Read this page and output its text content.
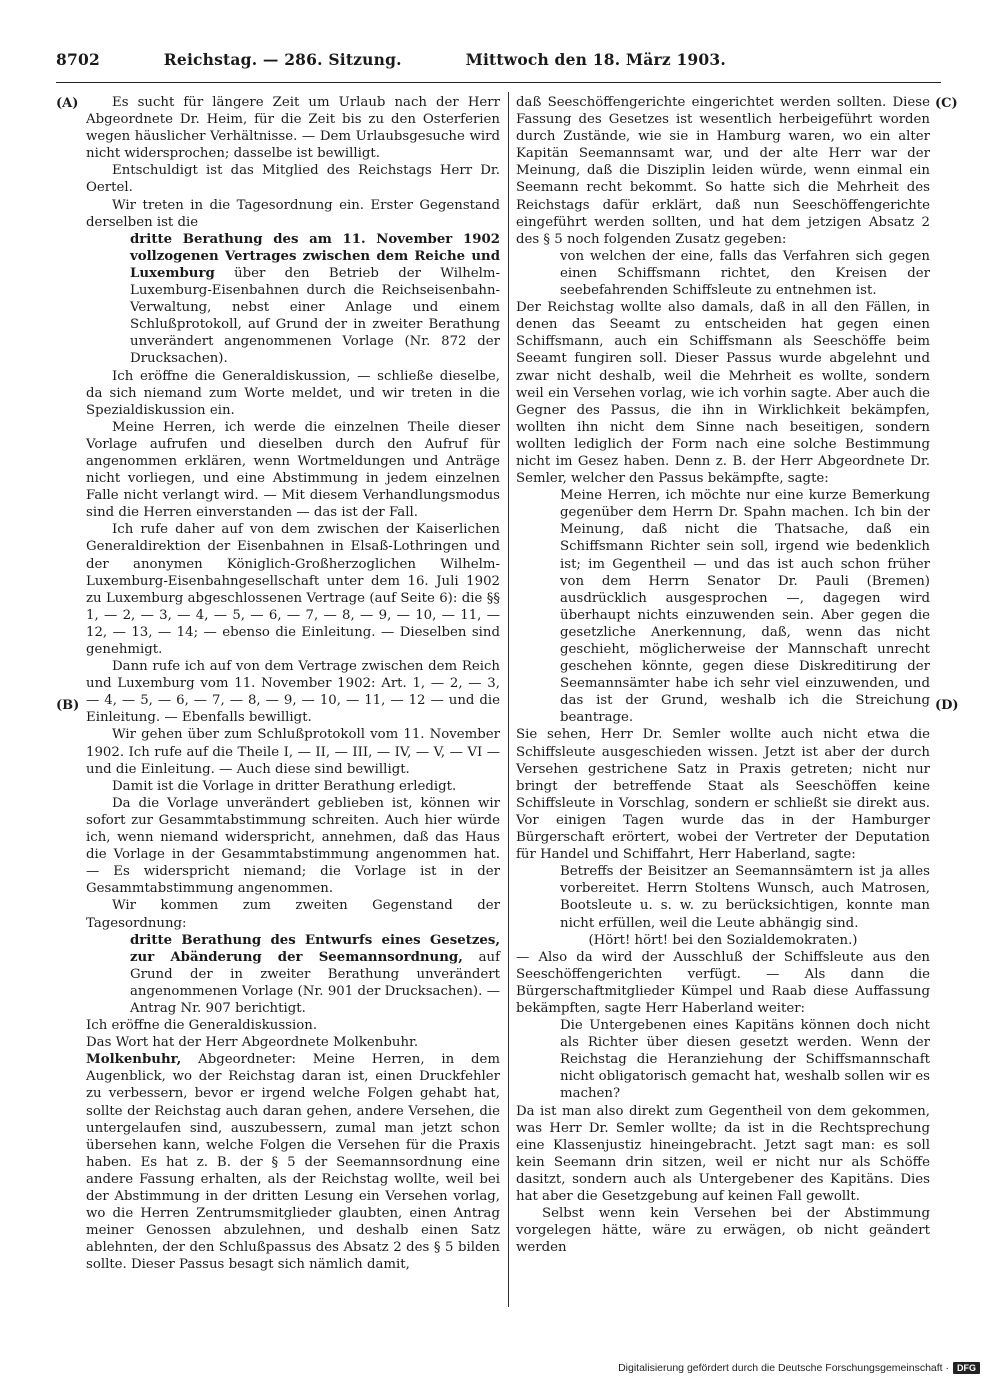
8702	Reichstag. — 286. Sitzung.	Mittwoch den 18. März 1903.
(A)
(B)
(C)
(D)

Es sucht für längere Zeit um Urlaub nach der Herr Abgeordnete Dr. Heim, für die Zeit bis zu den Osterferien wegen häuslicher Verhältnisse. — Dem Urlaubsgesuche wird nicht widersprochen; dasselbe ist bewilligt.

Entschuldigt ist das Mitglied des Reichstags Herr Dr. Oertel.

Wir treten in die Tagesordnung ein. Erster Gegenstand derselben ist die

dritte Berathung des am 11. November 1902 vollzogenen Vertrages zwischen dem Reiche und Luxemburg über den Betrieb der Wilhelm-Luxemburg-Eisenbahnen durch die Reichseisenbahn-Verwaltung, nebst einer Anlage und einem Schlußprotokoll, auf Grund der in zweiter Berathung unverändert angenommenen Vorlage (Nr. 872 der Drucksachen).

Ich eröffne die Generaldiskussion, — schließe dieselbe, da sich niemand zum Worte meldet, und wir treten in die Spezialdiskussion ein.

Meine Herren, ich werde die einzelnen Theile dieser Vorlage aufrufen und dieselben durch den Aufruf für angenommen erklären, wenn Wortmeldungen und Anträge nicht vorliegen, und eine Abstimmung in jedem einzelnen Falle nicht verlangt wird. — Mit diesem Verhandlungsmodus sind die Herren einverstanden — das ist der Fall.

Ich rufe daher auf von dem zwischen der Kaiserlichen Generaldirektion der Eisenbahnen in Elsaß-Lothringen und der anonymen Königlich-Großherzoglichen Wilhelm-Luxemburg-Eisenbahngesellschaft unter dem 16. Juli 1902 zu Luxemburg abgeschlossenen Vertrage (auf Seite 6): die §§ 1, — 2, — 3, — 4, — 5, — 6, — 7, — 8, — 9, — 10, — 11, — 12, — 13, — 14; — ebenso die Einleitung. — Dieselben sind genehmigt.

Dann rufe ich auf von dem Vertrage zwischen dem Reich und Luxemburg vom 11. November 1902: Art. 1, — 2, — 3, — 4, — 5, — 6, — 7, — 8, — 9, — 10, — 11, — 12 — und die Einleitung. — Ebenfalls bewilligt.

Wir gehen über zum Schlußprotokoll vom 11. November 1902. Ich rufe auf die Theile I, — II, — III, — IV, — V, — VI — und die Einleitung. — Auch diese sind bewilligt.

Damit ist die Vorlage in dritter Berathung erledigt.

Da die Vorlage unverändert geblieben ist, können wir sofort zur Gesammtabstimmung schreiten. Auch hier würde ich, wenn niemand widerspricht, annehmen, daß das Haus die Vorlage in der Gesammtabstimmung angenommen hat. — Es widerspricht niemand; die Vorlage ist in der Gesammtabstimmung angenommen.

Wir kommen zum zweiten Gegenstand der Tagesordnung:

dritte Berathung des Entwurfs eines Gesetzes, zur Abänderung der Seemannsordnung, auf Grund der in zweiter Berathung unverändert angenommenen Vorlage (Nr. 901 der Drucksachen). — Antrag Nr. 907 berichtigt.

Ich eröffne die Generaldiskussion.

Das Wort hat der Herr Abgeordnete Molkenbuhr.

Molkenbuhr, Abgeordneter: Meine Herren, in dem Augenblick, wo der Reichstag daran ist, einen Druckfehler zu verbessern, bevor er irgend welche Folgen gehabt hat, sollte der Reichstag auch daran gehen, andere Versehen, die untergelaufen sind, auszubessern, zumal man jetzt schon übersehen kann, welche Folgen die Versehen für die Praxis haben. Es hat z. B. der § 5 der Seemannsordnung eine andere Fassung erhalten, als der Reichstag wollte, weil bei der Abstimmung in der dritten Lesung ein Versehen vorlag, wo die Herren Zentrumsmitglieder glaubten, einen Antrag meiner Genossen abzulehnen, und deshalb einen Satz ablehnten, der den Schlußpassus des Absatz 2 des § 5 bilden sollte. Dieser Passus besagt sich nämlich damit,

daß Seeschöffengerichte eingerichtet werden sollten. Diese Fassung des Gesetzes ist wesentlich herbeigeführt worden durch Zustände, wie sie in Hamburg waren, wo ein alter Kapitän Seemannsamt war, und der alte Herr war der Meinung, daß die Disziplin leiden würde, wenn einmal ein Seemann recht bekommt. So hatte sich die Mehrheit des Reichstags dafür erklärt, daß nun Seeschöffengerichte eingeführt werden sollten, und hat dem jetzigen Absatz 2 des § 5 noch folgenden Zusatz gegeben:

von welchen der eine, falls das Verfahren sich gegen einen Schiffsmann richtet, den Kreisen der seebefahrenden Schiffsleute zu entnehmen ist.

Der Reichstag wollte also damals, daß in all den Fällen, in denen das Seeamt zu entscheiden hat gegen einen Schiffsmann, auch ein Schiffsmann als Seeschöffe beim Seeamt fungiren soll. Dieser Passus wurde abgelehnt und zwar nicht deshalb, weil die Mehrheit es wollte, sondern weil ein Versehen vorlag, wie ich vorhin sagte. Aber auch die Gegner des Passus, die ihn in Wirklichkeit bekämpfen, wollten ihn nicht dem Sinne nach beseitigen, sondern wollten lediglich der Form nach eine solche Bestimmung nicht im Gesez haben. Denn z. B. der Herr Abgeordnete Dr. Semler, welcher den Passus bekämpfte, sagte:

Meine Herren, ich möchte nur eine kurze Bemerkung gegenüber dem Herrn Dr. Spahn machen. Ich bin der Meinung, daß nicht die Thatsache, daß ein Schiffsmann Richter sein soll, irgend wie bedenklich ist; im Gegentheil — und das ist auch schon früher von dem Herrn Senator Dr. Pauli (Bremen) ausdrücklich ausgesprochen —, dagegen wird überhaupt nichts einzuwenden sein. Aber gegen die gesetzliche Anerkennung, daß, wenn das nicht geschieht, möglicherweise der Mannschaft unrecht geschehen könnte, gegen diese Diskreditirung der Seemannsämter habe ich sehr viel einzuwenden, und das ist der Grund, weshalb ich die Streichung beantrage.

Sie sehen, Herr Dr. Semler wollte auch nicht etwa die Schiffsleute ausgeschieden wissen. Jetzt ist aber der durch Versehen gestrichene Satz in Praxis getreten; nicht nur bringt der betreffende Staat als Seeschöffen keine Schiffsleute in Vorschlag, sondern er schließt sie direkt aus. Vor einigen Tagen wurde das in der Hamburger Bürgerschaft erörtert, wobei der Vertreter der Deputation für Handel und Schiffahrt, Herr Haberland, sagte:

Betreffs der Beisitzer an Seemannsämtern ist ja alles vorbereitet. Herrn Stoltens Wunsch, auch Matrosen, Bootsleute u. s. w. zu berücksichtigen, konnte man nicht erfüllen, weil die Leute abhängig sind.

(Hört! hört! bei den Sozialdemokraten.)

— Also da wird der Ausschluß der Schiffsleute aus den Seeschöffengerichten verfügt. — Als dann die Bürgerschaftmitglieder Kümpel und Raab diese Auffassung bekämpften, sagte Herr Haberland weiter:

Die Untergebenen eines Kapitäns können doch nicht als Richter über diesen gesetzt werden. Wenn der Reichstag die Heranziehung der Schiffsmannschaft nicht obligatorisch gemacht hat, weshalb sollen wir es machen?

Da ist man also direkt zum Gegentheil von dem gekommen, was Herr Dr. Semler wollte; da ist in die Rechtsprechung eine Klassenjustiz hineingebracht. Jetzt sagt man: es soll kein Seemann drin sitzen, weil er nicht nur als Schöffe dasitzt, sondern auch als Untergebener des Kapitäns. Dies hat aber die Gesetzgebung auf keinen Fall gewollt.

Selbst wenn kein Versehen bei der Abstimmung vorgelegen hätte, wäre zu erwägen, ob nicht geändert werden

Digitalisierung gefördert durch die Deutsche Forschungsgemeinschaft · DFG
